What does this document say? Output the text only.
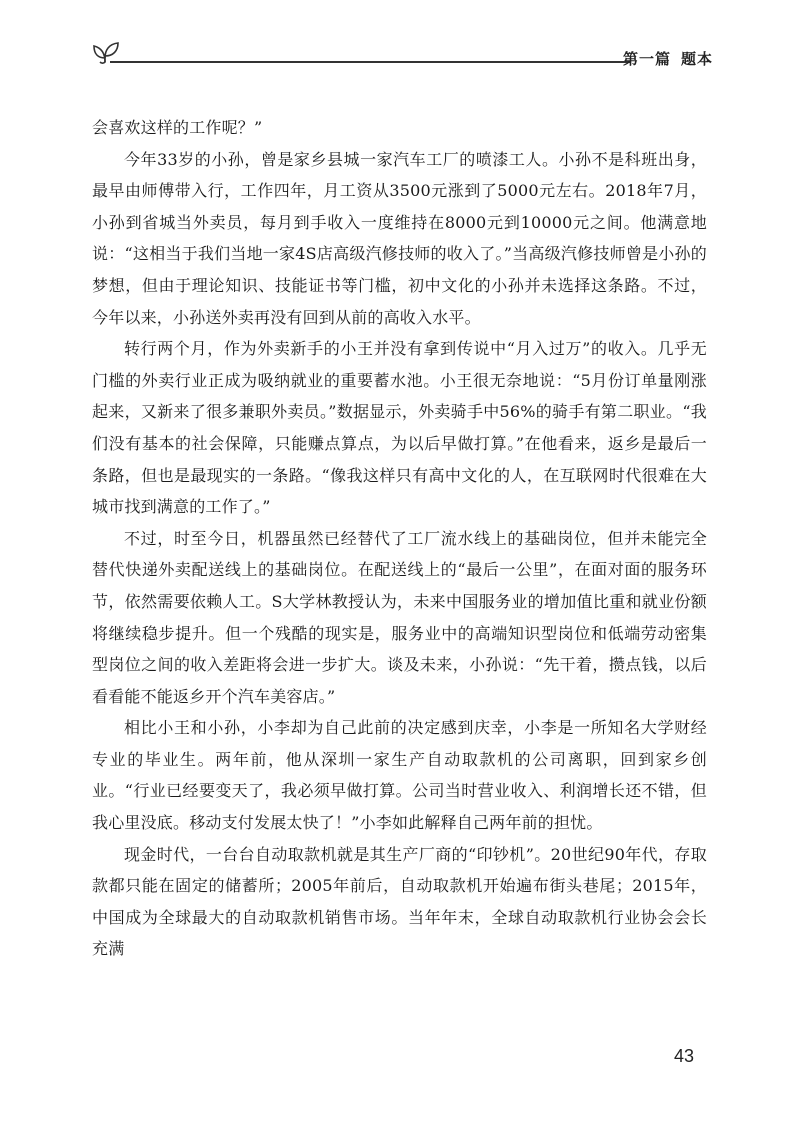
第一篇 题本

会喜欢这样的工作呢？”

今年33岁的小孙，曾是家乡县城一家汽车工厂的喷漆工人。小孙不是科班出身，最早由师傅带入行，工作四年，月工资从3500元涨到了5000元左右。2018年7月，小孙到省城当外卖员，每月到手收入一度维持在8000元到10000元之间。他满意地说：“这相当于我们当地一家4S店高级汽修技师的收入了。”当高级汽修技师曾是小孙的梦想，但由于理论知识、技能证书等门槛，初中文化的小孙并未选择这条路。不过，今年以来，小孙送外卖再没有回到从前的高收入水平。

转行两个月，作为外卖新手的小王并没有拿到传说中“月入过万”的收入。几乎无门槛的外卖行业正成为吸纳就业的重要蓄水池。小王很无奈地说：“5月份订单量刚涨起来，又新来了很多兼职外卖员。”数据显示，外卖骑手中56%的骑手有第二职业。“我们没有基本的社会保障，只能赚点算点，为以后早做打算。”在他看来，返乡是最后一条路，但也是最现实的一条路。“像我这样只有高中文化的人，在互联网时代很难在大城市找到满意的工作了。”

不过，时至今日，机器虽然已经替代了工厂流水线上的基础岗位，但并未能完全替代快递外卖配送线上的基础岗位。在配送线上的“最后一公里”，在面对面的服务环节，依然需要依赖人工。S大学林教授认为，未来中国服务业的增加值比重和就业份额将继续稳步提升。但一个残酷的现实是，服务业中的高端知识型岗位和低端劳动密集型岗位之间的收入差距将会进一步扩大。谈及未来，小孙说：“先干着，攒点钱，以后看看能不能返乡开个汽车美容店。”

相比小王和小孙，小李却为自己此前的决定感到庆幸，小李是一所知名大学财经专业的毕业生。两年前，他从深圳一家生产自动取款机的公司离职，回到家乡创业。“行业已经要变天了，我必须早做打算。公司当时营业收入、利润增长还不错，但我心里没底。移动支付发展太快了！”小李如此解释自己两年前的担忧。

现金时代，一台台自动取款机就是其生产厂商的“印钞机”。20世纪90年代，存取款都只能在固定的储蓄所；2005年前后，自动取款机开始遍布街头巷尾；2015年，中国成为全球最大的自动取款机销售市场。当年年末，全球自动取款机行业协会会长充满

43
